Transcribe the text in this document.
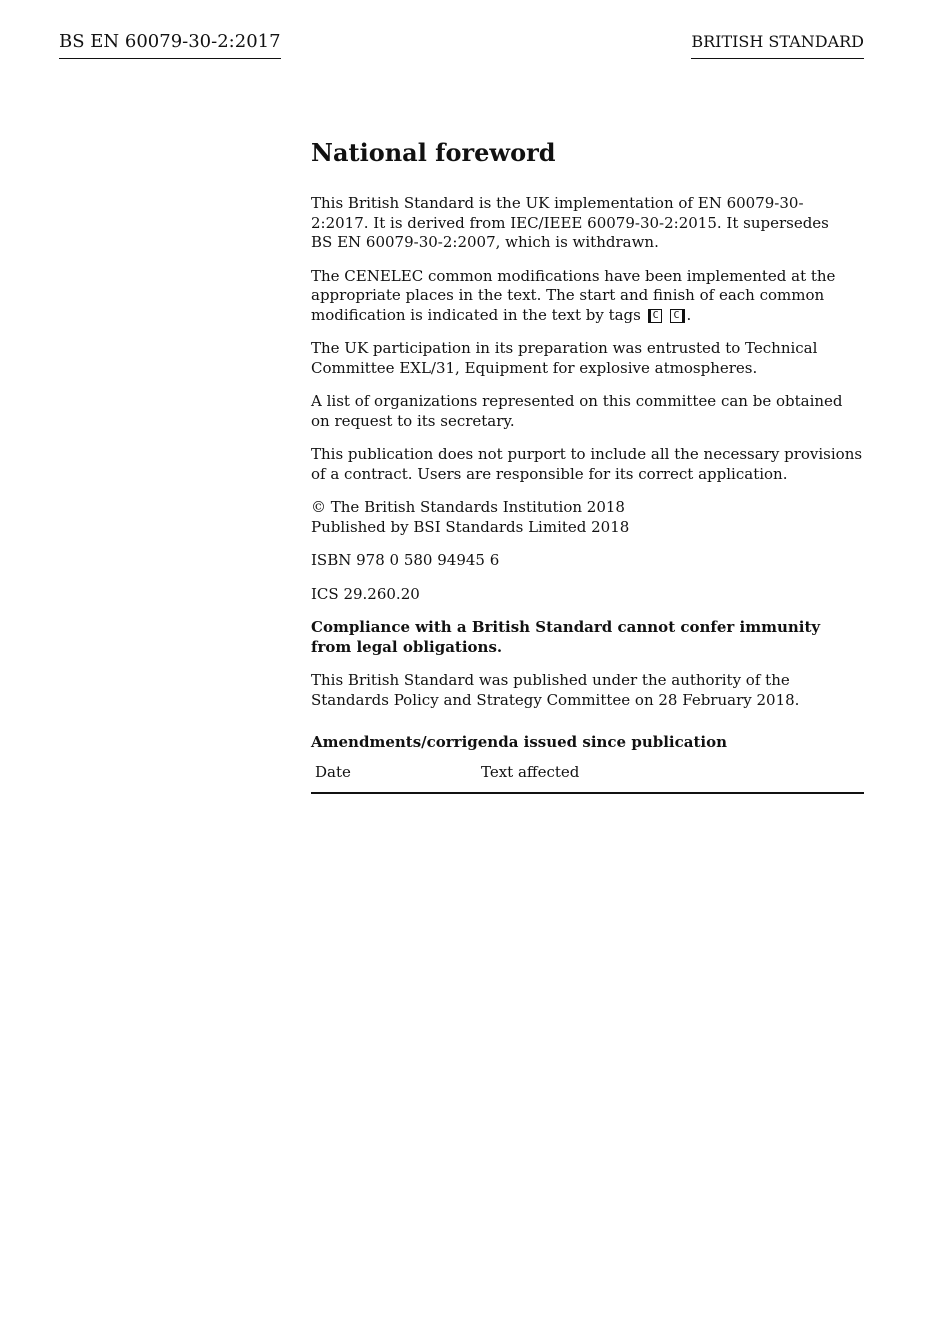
BS EN 60079-30-2:2017	BRITISH STANDARD
National foreword

This British Standard is the UK implementation of EN 60079-30-
2:2017. It is derived from IEC/IEEE 60079-30-2:2015. It supersedes
BS EN 60079-30-2:2007, which is withdrawn.

The CENELEC common modifications have been implemented at the appropriate places in the text. The start and finish of each common modification is indicated in the text by tags C C .

The UK participation in its preparation was entrusted to Technical Committee EXL/31, Equipment for explosive atmospheres.

A list of organizations represented on this committee can be obtained on request to its secretary.

This publication does not purport to include all the necessary provisions of a contract. Users are responsible for its correct application.

© The British Standards Institution 2018
Published by BSI Standards Limited 2018

ISBN 978 0 580 94945 6

ICS 29.260.20

Compliance with a British Standard cannot confer immunity from legal obligations.

This British Standard was published under the authority of the Standards Policy and Strategy Committee on 28 February 2018.

Amendments/corrigenda issued since publication
Date	Text affected
